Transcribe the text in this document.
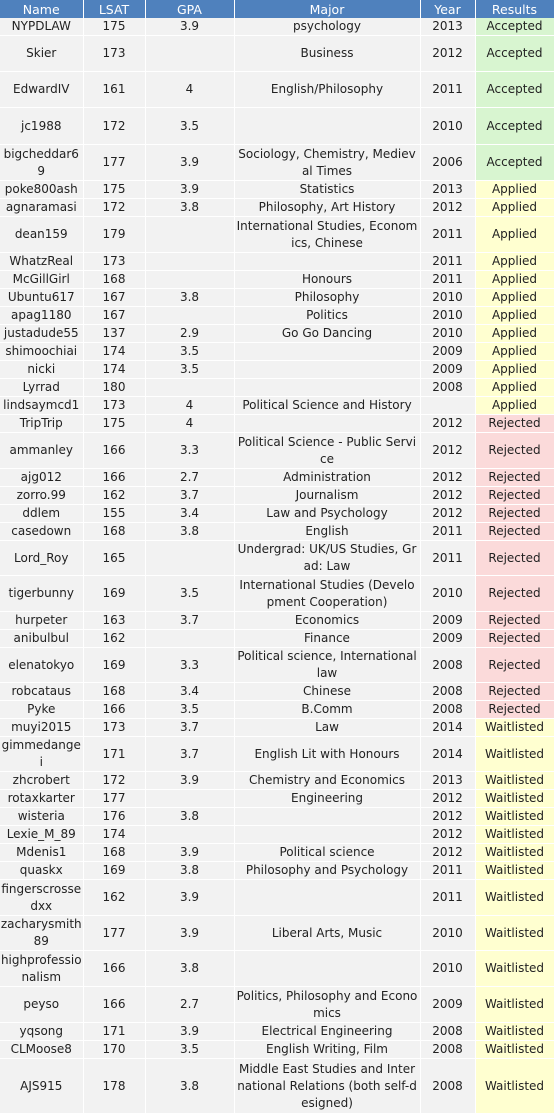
Name	LSAT	GPA	Major	Year	Results
NYPDLAW	175	3.9	psychology	2013	Accepted
Skier	173		Business	2012	Accepted
EdwardIV	161	4	English/Philosophy	2011	Accepted
jc1988	172	3.5		2010	Accepted
bigcheddar69	177	3.9	Sociology, Chemistry, Medieval Times	2006	Accepted
poke800ash	175	3.9	Statistics	2013	Applied
agnaramasi	172	3.8	Philosophy, Art History	2012	Applied
dean159	179		International Studies, Economics, Chinese	2011	Applied
WhatzReal	173			2011	Applied
McGillGirl	168		Honours	2011	Applied
Ubuntu617	167	3.8	Philosophy	2010	Applied
apag1180	167		Politics	2010	Applied
justadude55	137	2.9	Go Go Dancing	2010	Applied
shimoochiai	174	3.5		2009	Applied
nicki	174	3.5		2009	Applied
Lyrrad	180			2008	Applied
lindsaymcd1	173	4	Political Science and History		Applied
TripTrip	175	4		2012	Rejected
ammanley	166	3.3	Political Science - Public Service	2012	Rejected
ajg012	166	2.7	Administration	2012	Rejected
zorro.99	162	3.7	Journalism	2012	Rejected
ddlem	155	3.4	Law and Psychology	2012	Rejected
casedown	168	3.8	English	2011	Rejected
Lord_Roy	165		Undergrad: UK/US Studies, Grad: Law	2011	Rejected
tigerbunny	169	3.5	International Studies (Development Cooperation)	2010	Rejected
hurpeter	163	3.7	Economics	2009	Rejected
anibulbul	162		Finance	2009	Rejected
elenatokyo	169	3.3	Political science, International law	2008	Rejected
robcataus	168	3.4	Chinese	2008	Rejected
Pyke	166	3.5	B.Comm	2008	Rejected
muyi2015	173	3.7	Law	2014	Waitlisted
gimmedangei	171	3.7	English Lit with Honours	2014	Waitlisted
zhcrobert	172	3.9	Chemistry and Economics	2013	Waitlisted
rotaxkarter	177		Engineering	2012	Waitlisted
wisteria	176	3.8		2012	Waitlisted
Lexie_M_89	174			2012	Waitlisted
Mdenis1	168	3.9	Political science	2012	Waitlisted
quaskx	169	3.8	Philosophy and Psychology	2011	Waitlisted
fingerscrossedxx	162	3.9		2011	Waitlisted
zacharysmith89	177	3.9	Liberal Arts, Music	2010	Waitlisted
highprofessionalism	166	3.8		2010	Waitlisted
peyso	166	2.7	Politics, Philosophy and Economics	2009	Waitlisted
yqsong	171	3.9	Electrical Engineering	2008	Waitlisted
CLMoose8	170	3.5	English Writing, Film	2008	Waitlisted
AJS915	178	3.8	Middle East Studies and International Relations (both self-designed)	2008	Waitlisted
